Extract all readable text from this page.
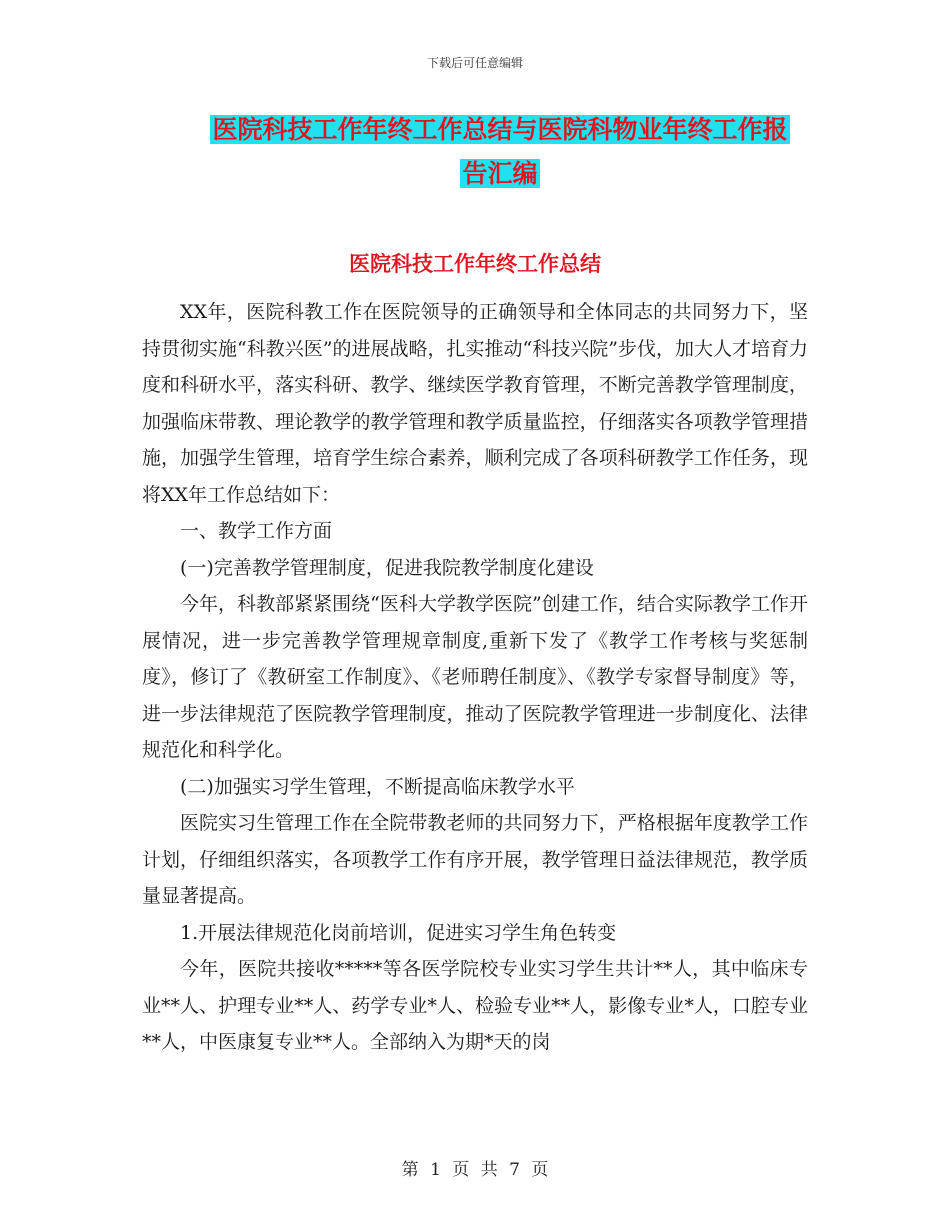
下载后可任意编辑
医院科技工作年终工作总结与医院科物业年终工作报
告汇编
医院科技工作年终工作总结

XX年，医院科教工作在医院领导的正确领导和全体同志的共同努力下，坚持贯彻实施“科教兴医”的进展战略，扎实推动“科技兴院”步伐，加大人才培育力度和科研水平，落实科研、教学、继续医学教育管理，不断完善教学管理制度，加强临床带教、理论教学的教学管理和教学质量监控，仔细落实各项教学管理措施，加强学生管理，培育学生综合素养，顺利完成了各项科研教学工作任务，现将XX年工作总结如下：

一、教学工作方面

(一)完善教学管理制度，促进我院教学制度化建设

今年，科教部紧紧围绕“医科大学教学医院”创建工作，结合实际教学工作开展情况，进一步完善教学管理规章制度,重新下发了《教学工作考核与奖惩制度》，修订了《教研室工作制度》、《老师聘任制度》、《教学专家督导制度》等，进一步法律规范了医院教学管理制度，推动了医院教学管理进一步制度化、法律规范化和科学化。

(二)加强实习学生管理，不断提高临床教学水平

医院实习生管理工作在全院带教老师的共同努力下，严格根据年度教学工作计划，仔细组织落实，各项教学工作有序开展，教学管理日益法律规范，教学质量显著提高。

1.开展法律规范化岗前培训，促进实习学生角色转变

今年，医院共接收*****等各医学院校专业实习学生共计**人，其中临床专业**人、护理专业**人、药学专业*人、检验专业**人，影像专业*人，口腔专业**人，中医康复专业**人。全部纳入为期*天的岗

第 1 页 共 7 页
